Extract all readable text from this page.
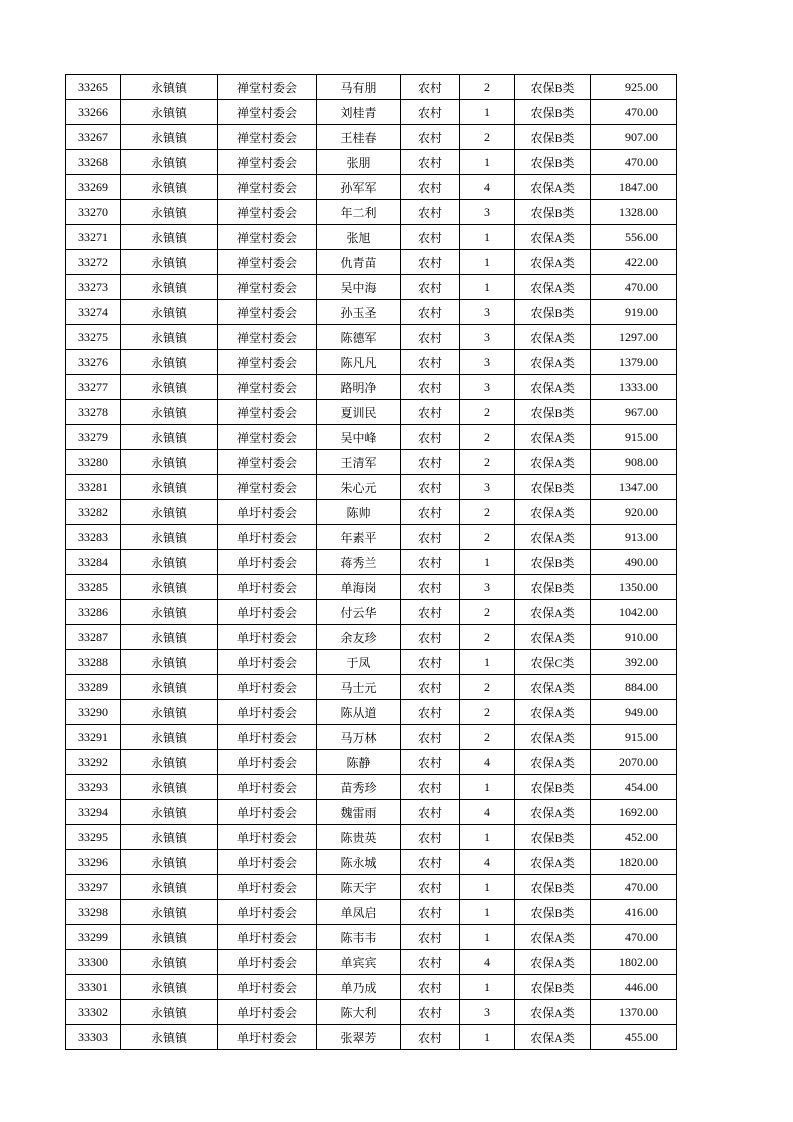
33265	永镇镇	禅堂村委会	马有朋	农村	2	农保B类	925.00
33266	永镇镇	禅堂村委会	刘桂青	农村	1	农保B类	470.00
33267	永镇镇	禅堂村委会	王桂春	农村	2	农保B类	907.00
33268	永镇镇	禅堂村委会	张朋	农村	1	农保B类	470.00
33269	永镇镇	禅堂村委会	孙军军	农村	4	农保A类	1847.00
33270	永镇镇	禅堂村委会	年二利	农村	3	农保B类	1328.00
33271	永镇镇	禅堂村委会	张旭	农村	1	农保A类	556.00
33272	永镇镇	禅堂村委会	仇青苗	农村	1	农保A类	422.00
33273	永镇镇	禅堂村委会	吴中海	农村	1	农保A类	470.00
33274	永镇镇	禅堂村委会	孙玉圣	农村	3	农保B类	919.00
33275	永镇镇	禅堂村委会	陈德军	农村	3	农保A类	1297.00
33276	永镇镇	禅堂村委会	陈凡凡	农村	3	农保A类	1379.00
33277	永镇镇	禅堂村委会	路明净	农村	3	农保A类	1333.00
33278	永镇镇	禅堂村委会	夏训民	农村	2	农保B类	967.00
33279	永镇镇	禅堂村委会	吴中峰	农村	2	农保A类	915.00
33280	永镇镇	禅堂村委会	王清军	农村	2	农保A类	908.00
33281	永镇镇	禅堂村委会	朱心元	农村	3	农保B类	1347.00
33282	永镇镇	单圩村委会	陈帅	农村	2	农保A类	920.00
33283	永镇镇	单圩村委会	年素平	农村	2	农保A类	913.00
33284	永镇镇	单圩村委会	蒋秀兰	农村	1	农保B类	490.00
33285	永镇镇	单圩村委会	单海岗	农村	3	农保B类	1350.00
33286	永镇镇	单圩村委会	付云华	农村	2	农保A类	1042.00
33287	永镇镇	单圩村委会	余友珍	农村	2	农保A类	910.00
33288	永镇镇	单圩村委会	于凤	农村	1	农保C类	392.00
33289	永镇镇	单圩村委会	马士元	农村	2	农保A类	884.00
33290	永镇镇	单圩村委会	陈从道	农村	2	农保A类	949.00
33291	永镇镇	单圩村委会	马万林	农村	2	农保A类	915.00
33292	永镇镇	单圩村委会	陈静	农村	4	农保A类	2070.00
33293	永镇镇	单圩村委会	苗秀珍	农村	1	农保B类	454.00
33294	永镇镇	单圩村委会	魏雷雨	农村	4	农保A类	1692.00
33295	永镇镇	单圩村委会	陈贵英	农村	1	农保B类	452.00
33296	永镇镇	单圩村委会	陈永城	农村	4	农保A类	1820.00
33297	永镇镇	单圩村委会	陈天宇	农村	1	农保B类	470.00
33298	永镇镇	单圩村委会	单凤启	农村	1	农保B类	416.00
33299	永镇镇	单圩村委会	陈韦韦	农村	1	农保A类	470.00
33300	永镇镇	单圩村委会	单宾宾	农村	4	农保A类	1802.00
33301	永镇镇	单圩村委会	单乃成	农村	1	农保B类	446.00
33302	永镇镇	单圩村委会	陈大利	农村	3	农保A类	1370.00
33303	永镇镇	单圩村委会	张翠芳	农村	1	农保A类	455.00
